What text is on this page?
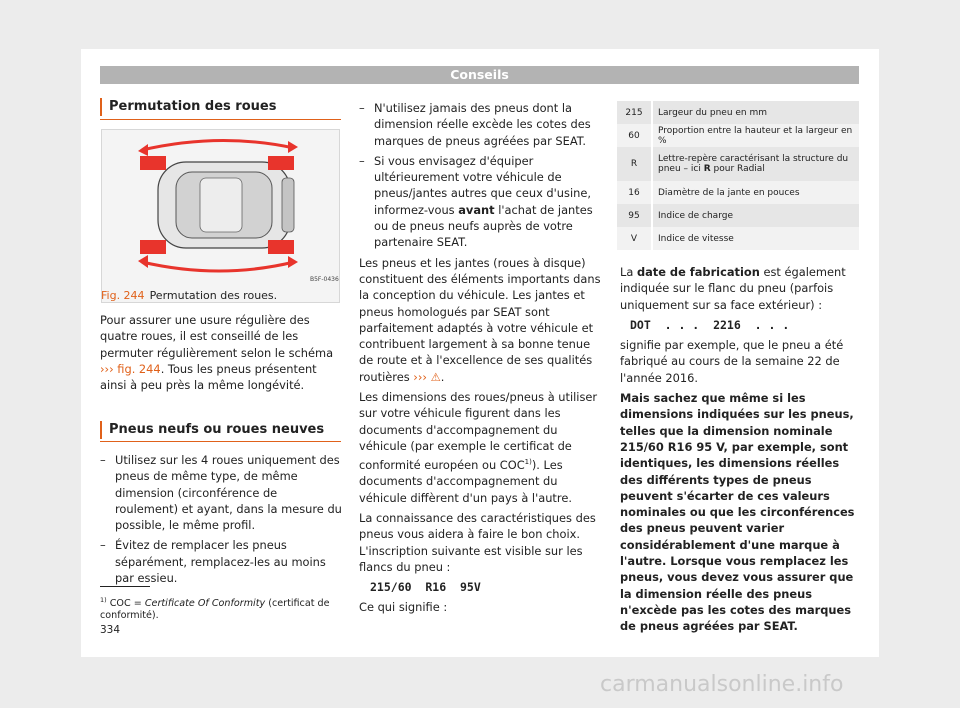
Conseils
Permutation des roues
B5F-0436
Fig. 244 Permutation des roues.

Pour assurer une usure régulière des quatre roues, il est conseillé de les permuter régulièrement selon le schéma ››› fig. 244. Tous les pneus présentent ainsi à peu près la même longévité.

Pneus neufs ou roues neuves
– Utilisez sur les 4 roues uniquement des pneus de même type, de même dimension (circonférence de roulement) et ayant, dans la mesure du possible, le même profil.
– Évitez de remplacer les pneus séparément, remplacez-les au moins par essieu.
– N'utilisez jamais des pneus dont la dimension réelle excède les cotes des marques de pneus agréées par SEAT.
– Si vous envisagez d'équiper ultérieurement votre véhicule de pneus/jantes autres que ceux d'usine, informez-vous avant l'achat de jantes ou de pneus neufs auprès de votre partenaire SEAT.

Les pneus et les jantes (roues à disque) constituent des éléments importants dans la conception du véhicule. Les jantes et pneus homologués par SEAT sont parfaitement adaptés à votre véhicule et contribuent largement à sa bonne tenue de route et à l'excellence de ses qualités routières ››› ⚠.

Les dimensions des roues/pneus à utiliser sur votre véhicule figurent dans les documents d'accompagnement du véhicule (par exemple le certificat de conformité européen ou COC$^{1)}$). Les documents d'accompagnement du véhicule diffèrent d'un pays à l'autre.

La connaissance des caractéristiques des pneus vous aidera à faire le bon choix. L'inscription suivante est visible sur les flancs du pneu :

215/60  R16  95V

Ce qui signifie :

215	Largeur du pneu en mm
60	Proportion entre la hauteur et la largeur en %
R	Lettre-repère caractérisant la structure du pneu – ici R pour Radial
16	Diamètre de la jante en pouces
95	Indice de charge
V	Indice de vitesse

La date de fabrication est également indiquée sur le flanc du pneu (parfois uniquement sur sa face extérieur) :

DOT  . . .  2216  . . .

signifie par exemple, que le pneu a été fabriqué au cours de la semaine 22 de l'année 2016.

Mais sachez que même si les dimensions indiquées sur les pneus, telles que la dimension nominale 215/60 R16 95 V, par exemple, sont identiques, les dimensions réelles des différents types de pneus peuvent s'écarter de ces valeurs nominales ou que les circonférences des pneus peuvent varier considérablement d'une marque à l'autre. Lorsque vous remplacez les pneus, vous devez vous assurer que la dimension réelle des pneus n'excède pas les cotes des marques de pneus agréées par SEAT.

$^{1)}$ COC = Certificate Of Conformity (certificat de conformité).
334
carmanualsonline.info
